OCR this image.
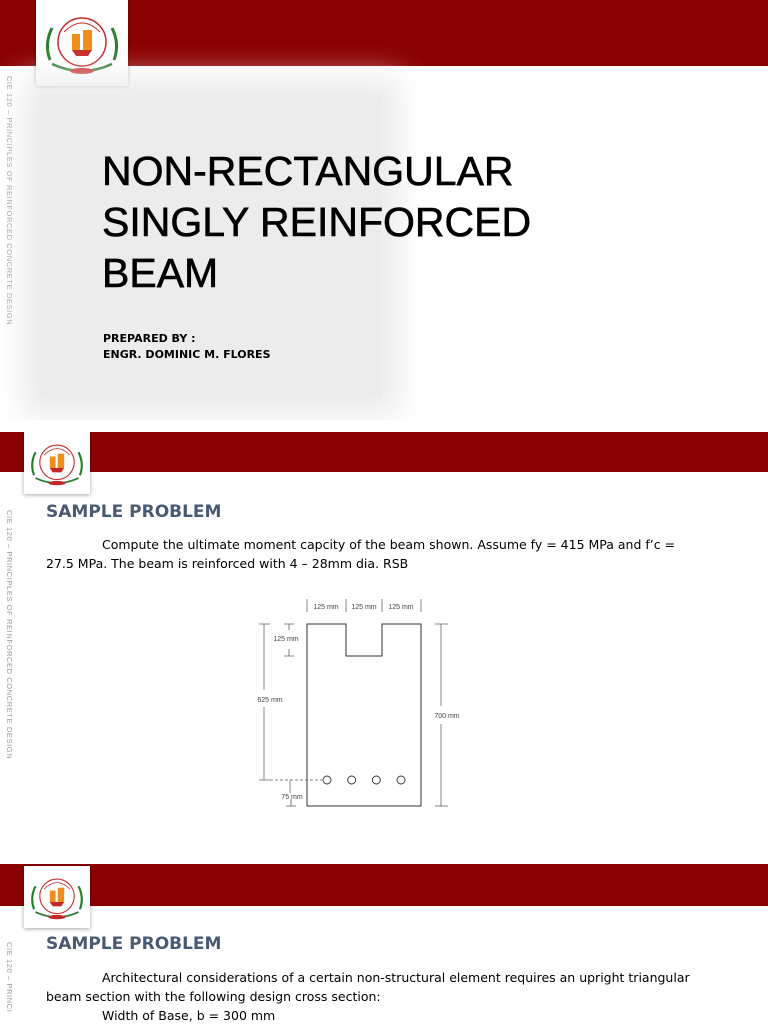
CIE 120 – PRINCIPLES OF REINFORCED CONCRETE DESIGN NON-RECTANGULAR
SINGLY REINFORCED
BEAM
PREPARED BY :
ENGR. DOMINIC M. FLORES
CIE 120 – PRINCIPLES OF REINFORCED CONCRETE DESIGN SAMPLE PROBLEM
Compute the ultimate moment capcity of the beam shown. Assume fy = 415 MPa and f’c =
27.5 MPa. The beam is reinforced with 4 – 28mm dia. RSB
125 mm 125 mm 125 mm
125 mm
625 mm
75 mm
700 mm
CIE 120 – PRINCI SAMPLE PROBLEM
Architectural considerations of a certain non-structural element requires an upright triangular
beam section with the following design cross section:
Width of Base, b = 300 mm
